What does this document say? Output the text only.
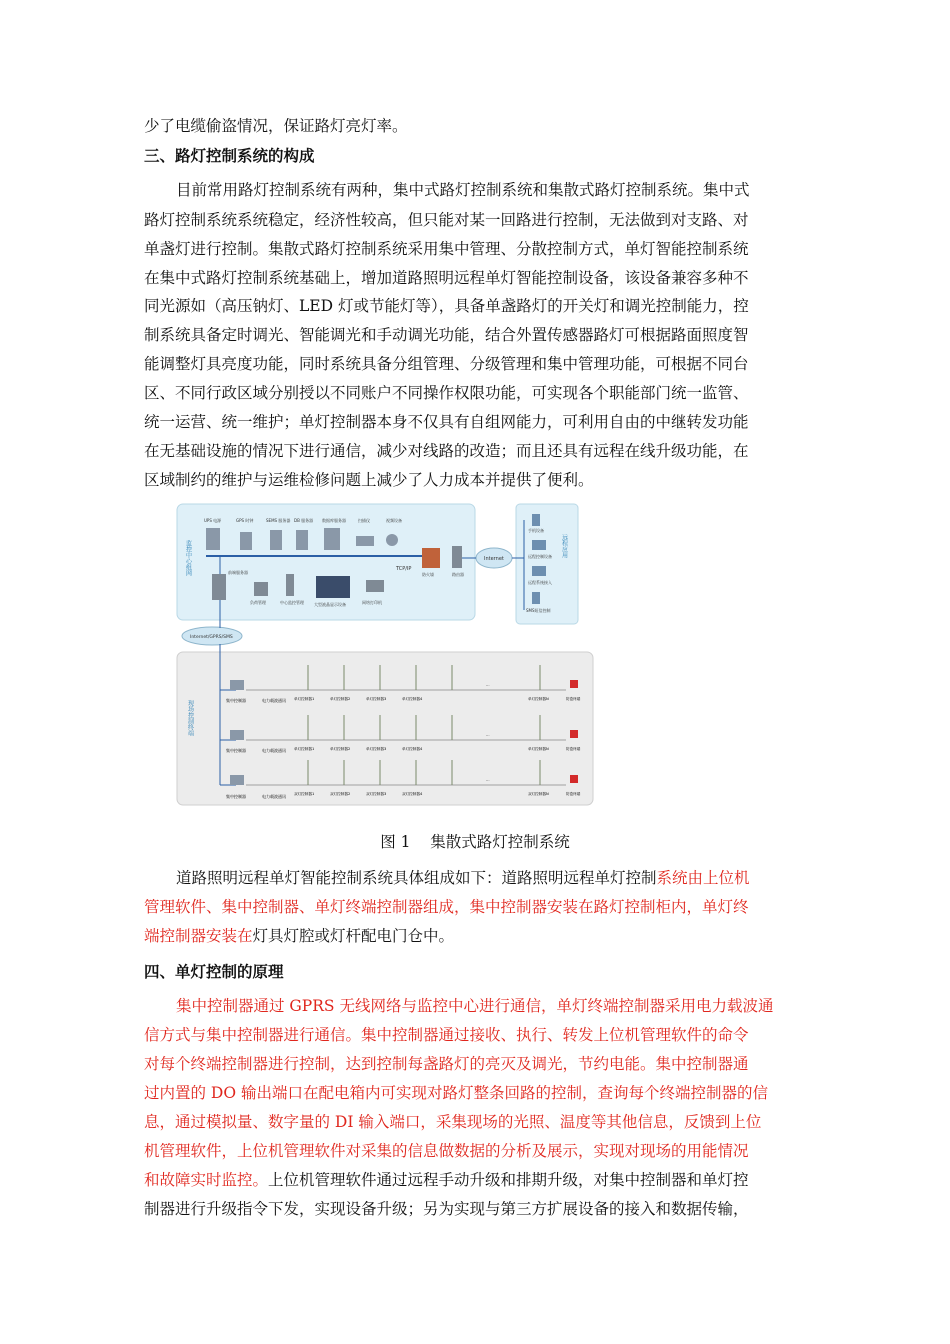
少了电缆偷盗情况，保证路灯亮灯率。
三、路灯控制系统的构成
目前常用路灯控制系统有两种，集中式路灯控制系统和集散式路灯控制系统。集中式
路灯控制系统系统稳定，经济性较高，但只能对某一回路进行控制，无法做到对支路、对
单盏灯进行控制。集散式路灯控制系统采用集中管理、分散控制方式，单灯智能控制系统
在集中式路灯控制系统基础上，增加道路照明远程单灯智能控制设备，该设备兼容多种不
同光源如（高压钠灯、LED 灯或节能灯等），具备单盏路灯的开关灯和调光控制能力，控
制系统具备定时调光、智能调光和手动调光功能，结合外置传感器路灯可根据路面照度智
能调整灯具亮度功能，同时系统具备分组管理、分级管理和集中管理功能，可根据不同台
区、不同行政区域分别授以不同账户不同操作权限功能，可实现各个职能部门统一监管、
统一运营、统一维护；单灯控制器本身不仅具有自组网能力，可利用自由的中继转发功能
在无基础设施的情况下进行通信，减少对线路的改造；而且还具有远程在线升级功能，在
区域制约的维护与运维检修问题上减少了人力成本并提供了便利。
监控中心组网	远程应用
现场控制终端
TCP/IP
UPS 电源	GPS 时钟	SEMS 服务器 DB 服务器 数据库服务器	扫描仪	视频设备
防火墙	路由器
Internet
手机设备
远程控制设备
远程系统接入
SMS短信控制
前端服务器
负荷管理	中心监控管理	大型液晶显示设备	网络打印机
Internet/GPRS/SMS
集中控制器	电力载波通讯 单灯控制器1	单灯控制器2	单灯控制器3	单灯控制器4
…
单灯控制器N	防盗终端
集中控制器	电力载波通讯 单灯控制器1	单灯控制器2	单灯控制器3	单灯控制器4
…
单灯控制器N	防盗终端
集中控制器	电力载波通讯 双灯控制器1	双灯控制器2	双灯控制器3	双灯控制器4
…
双灯控制器N	防盗终端
图 1    集散式路灯控制系统
道路照明远程单灯智能控制系统具体组成如下：道路照明远程单灯控制系统由上位机
管理软件、集中控制器、单灯终端控制器组成，集中控制器安装在路灯控制柜内，单灯终
端控制器安装在灯具灯腔或灯杆配电门仓中。
四、单灯控制的原理
集中控制器通过 GPRS 无线网络与监控中心进行通信，单灯终端控制器采用电力载波通
信方式与集中控制器进行通信。集中控制器通过接收、执行、转发上位机管理软件的命令
对每个终端控制器进行控制，达到控制每盏路灯的亮灭及调光，节约电能。集中控制器通
过内置的 DO 输出端口在配电箱内可实现对路灯整条回路的控制，查询每个终端控制器的信
息，通过模拟量、数字量的 DI 输入端口，采集现场的光照、温度等其他信息，反馈到上位
机管理软件，上位机管理软件对采集的信息做数据的分析及展示，实现对现场的用能情况
和故障实时监控。上位机管理软件通过远程手动升级和排期升级，对集中控制器和单灯控
制器进行升级指令下发，实现设备升级；另为实现与第三方扩展设备的接入和数据传输，
